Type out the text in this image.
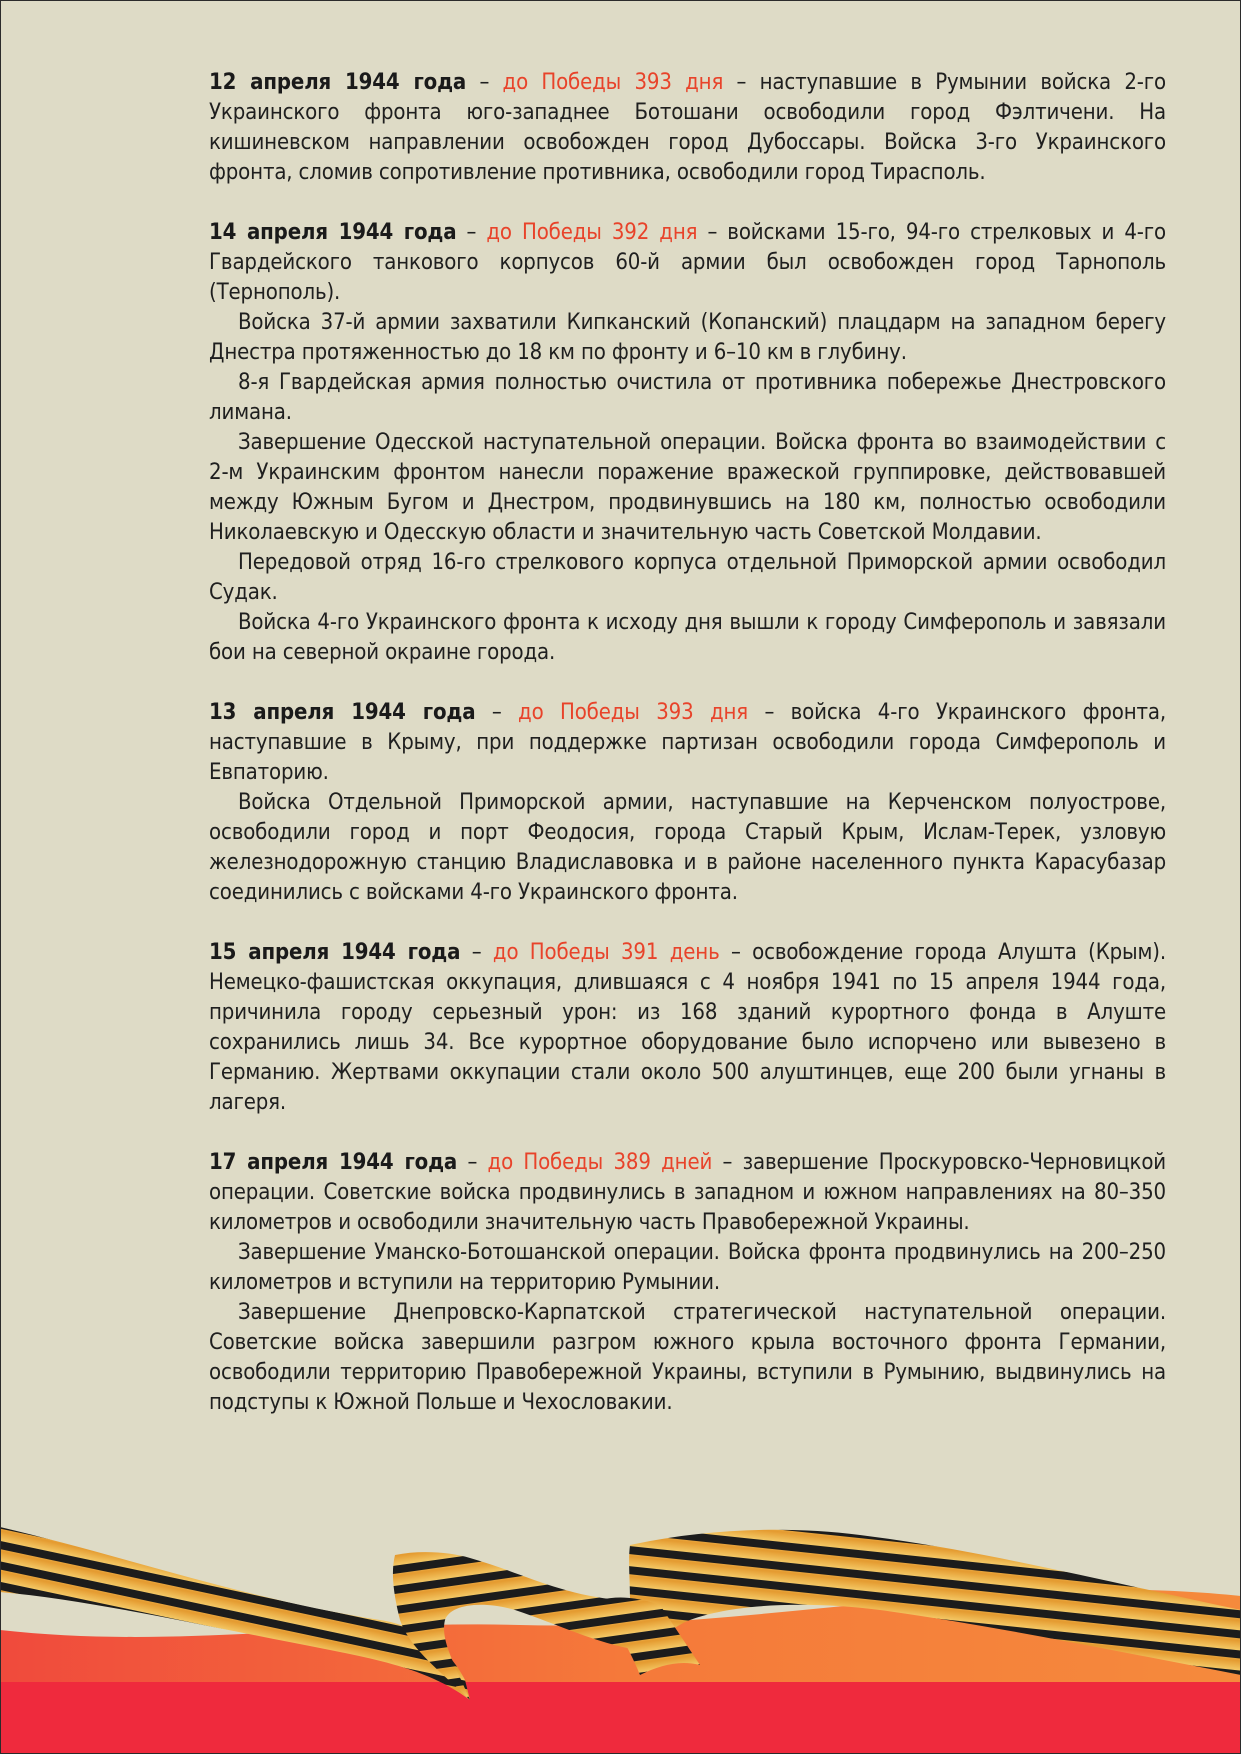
12 апреля 1944 года – до Победы 393 дня – наступавшие в Румынии войска 2-го Украинского фронта юго-западнее Ботошани освободили город Фэлтичени. На кишиневском направлении освобожден город Дубоссары. Войска 3-го Украинского фронта, сломив сопротивление противника, освободили город Тирасполь.

14 апреля 1944 года – до Победы 392 дня – войсками 15-го, 94-го стрелковых и 4-го Гвардейского танкового корпусов 60-й армии был освобожден город Тарнополь (Тернополь).

Войска 37-й армии захватили Кипканский (Копанский) плацдарм на западном берегу Днестра протяженностью до 18 км по фронту и 6–10 км в глубину.

8-я Гвардейская армия полностью очистила от противника побережье Днестровского лимана.

Завершение Одесской наступательной операции. Войска фронта во взаимодействии с 2-м Украинским фронтом нанесли поражение вражеской группировке, действовавшей между Южным Бугом и Днестром, продвинувшись на 180 км, полностью освободили Николаевскую и Одесскую области и значительную часть Советской Молдавии.

Передовой отряд 16-го стрелкового корпуса отдельной Приморской армии освободил Судак.

Войска 4-го Украинского фронта к исходу дня вышли к городу Симферополь и завязали бои на северной окраине города.

13 апреля 1944 года – до Победы 393 дня – войска 4-го Украинского фронта, наступавшие в Крыму, при поддержке партизан освободили города Симферополь и Евпаторию.

Войска Отдельной Приморской армии, наступавшие на Керченском полуострове, освободили город и порт Феодосия, города Старый Крым, Ислам-Терек, узловую железнодорожную станцию Владиславовка и в районе населенного пункта Карасубазар соединились с войсками 4-го Украинского фронта.

15 апреля 1944 года – до Победы 391 день – освобождение города Алушта (Крым). Немецко-фашистская оккупация, длившаяся с 4 ноября 1941 по 15 апреля 1944 года, причинила городу серьезный урон: из 168 зданий курортного фонда в Алуште сохранились лишь 34. Все курортное оборудование было испорчено или вывезено в Германию. Жертвами оккупации стали около 500 алуштинцев, еще 200 были угнаны в лагеря.

17 апреля 1944 года – до Победы 389 дней – завершение Проскуровско-Черновицкой операции. Советские войска продвинулись в западном и южном направлениях на 80–350 километров и освободили значительную часть Правобережной Украины.

Завершение Уманско-Ботошанской операции. Войска фронта продвинулись на 200–250 километров и вступили на территорию Румынии.

Завершение Днепровско-Карпатской стратегической наступательной операции. Советские войска завершили разгром южного крыла восточного фронта Германии, освободили территорию Правобережной Украины, вступили в Румынию, выдвинулись на подступы к Южной Польше и Чехословакии.
